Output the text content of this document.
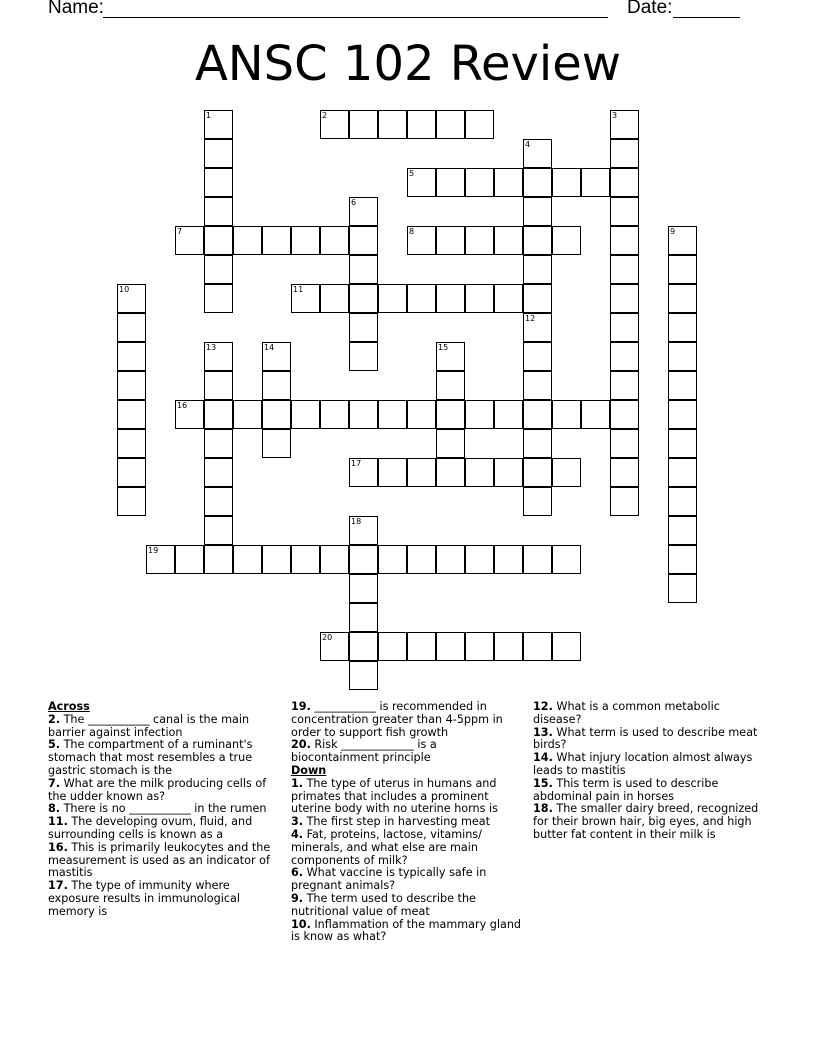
Name:	Date:
ANSC 102 Review
1	2	3
4
5
6
7	8	9
10	11
12
13	14	15
16
17
18
19
20
Across
2. The ___________ canal is the main barrier against infection
5. The compartment of a ruminant's stomach that most resembles a true gastric stomach is the
7. What are the milk producing cells of the udder known as?
8. There is no ___________ in the rumen
11. The developing ovum, fluid, and surrounding cells is known as a
16. This is primarily leukocytes and the measurement is used as an indicator of mastitis
17. The type of immunity where exposure results in immunological memory is
19. ___________ is recommended in concentration greater than 4-5ppm in order to support fish growth
20. Risk _____________ is a biocontainment principle
Down
1. The type of uterus in humans and primates that includes a prominent uterine body with no uterine horns is
3. The first step in harvesting meat
4. Fat, proteins, lactose, vitamins/ minerals, and what else are main components of milk?
6. What vaccine is typically safe in pregnant animals?
9. The term used to describe the nutritional value of meat
10. Inflammation of the mammary gland is know as what?
12. What is a common metabolic disease?
13. What term is used to describe meat birds?
14. What injury location almost always leads to mastitis
15. This term is used to describe abdominal pain in horses
18. The smaller dairy breed, recognized for their brown hair, big eyes, and high butter fat content in their milk is
